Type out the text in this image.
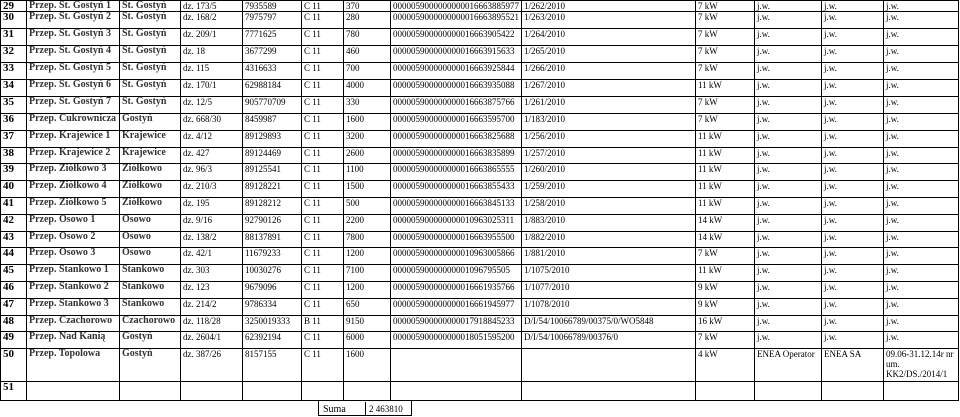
29	Przep. St. Gostyń 1	St. Gostyń	dz. 173/5	7935589	C 11	370	0000059000000000016663885977	1/262/2010	7 kW	j.w.	j.w.	j.w.
30	Przep. St. Gostyń 2	St. Gostyń	dz. 168/2	7975797	C 11	280	0000059000000000016663895521	1/263/2010	7 kW	j.w.	j.w.	j.w.
31	Przep. St. Gostyń 3	St. Gostyń	dz. 209/1	7771625	C 11	780	000005900000000016663905422	1/264/2010	7 kW	j.w.	j.w.	j.w.
32	Przep. St. Gostyń 4	St. Gostyń	dz. 18	3677299	C 11	460	000005900000000016663915633	1/265/2010	7 kW	j.w.	j.w.	j.w.
33	Przep. St. Gostyń 5	St. Gostyń	dz. 115	4316633	C 11	700	000005900000000016663925844	1/266/2010	7 kW	j.w.	j.w.	j.w.
34	Przep. St. Gostyń 6	St. Gostyń	dz. 170/1	62988184	C 11	4000	000005900000000016663935088	1/267/2010	11 kW	j.w.	j.w.	j.w.
35	Przep. St. Gostyń 7	St. Gostyń	dz. 12/5	905770709	C 11	330	000005900000000016663875766	1/261/2010	7 kW	j.w.	j.w.	j.w.
36	Przep. Cukrownicza	Gostyń	dz. 668/30	8459987	C 11	1600	000005900000000016663595700	1/183/2010	7 kW	j.w.	j.w.	j.w.
37	Przep. Krajewice 1	Krajewice	dz. 4/12	89129893	C 11	3200	000005900000000016663825688	1/256/2010	11 kW	j.w.	j.w.	j.w.
38	Przep. Krajewice 2	Krajewice	dz. 427	89124469	C 11	2600	000005900000000016663835899	1/257/2010	11 kW	j.w.	j.w.	j.w.
39	Przep. Ziółkowo 3	Ziółkowo	dz. 96/3	89125541	C 11	1100	000005900000000016663865555	1/260/2010	11 kW	j.w.	j.w.	j.w.
40	Przep. Ziółkowo 4	Ziółkowo	dz. 210/3	89128221	C 11	1500	000005900000000016663855433	1/259/2010	11 kW	j.w.	j.w.	j.w.
41	Przep. Ziółkowo 5	Ziółkowo	dz. 195	89128212	C 11	500	000005900000000016663845133	1/258/2010	11 kW	j.w.	j.w.	j.w.
42	Przep. Osowo 1	Osowo	dz. 9/16	92790126	C 11	2200	000005900000000010963025311	1/883/2010	14 kW	j.w.	j.w.	j.w.
43	Przep. Osowo 2	Osowo	dz. 138/2	88137891	C 11	7800	000005900000000016663955500	1/882/2010	14 kW	j.w.	j.w.	j.w.
44	Przep. Osowo 3	Osowo	dz. 42/1	11679233	C 11	1200	000005900000000010963005866	1/881/2010	7 kW	j.w.	j.w.	j.w.
45	Przep. Stankowo 1	Stankowo	dz. 303	10030276	C 11	7100	00000590000000001096795505	1/1075/2010	11 kW	j.w.	j.w.	j.w.
46	Przep. Stankowo 2	Stankowo	dz. 123	9679096	C 11	1200	000005900000000016661935766	1/1077/2010	9 kW	j.w.	j.w.	j.w.
47	Przep. Stankowo 3	Stankowo	dz. 214/2	9786334	C 11	650	000005900000000016661945977	1/1078/2010	9 kW	j.w.	j.w.	j.w.
48	Przep. Czachorowo	Czachorowo	dz. 118/28	3250019333	B 11	9150	000005900000000017918845233	D/I/54/10066789/00375/0/WO5848	16 kW	j.w.	j.w.	j.w.
49	Przep. Nad Kanią	Gostyń	dz. 2604/1	62392194	C 11	6000	000005900000000018051595200	D/I/54/10066789/00376/0	7 kW	j.w.	j.w.	j.w.
50	Przep. Topolowa	Gostyń	dz. 387/26	8157155	C 11	1600			4 kW	ENEA Operator	ENEA SA	09.06-31.12.14r nr um. KK2/DS./2014/1
51												
Suma	2 463810
